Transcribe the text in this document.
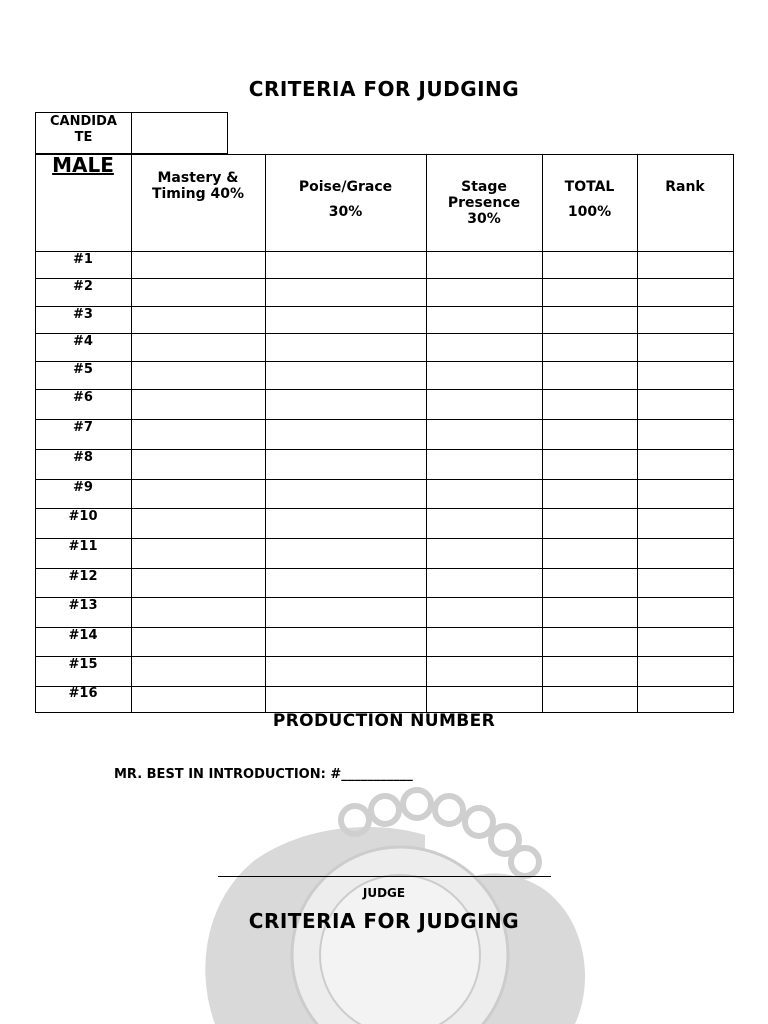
CRITERIA FOR JUDGING
CANDIDA
TE
MALE
Mastery &
Timing 40%	Poise/Grace
30%
Stage
Presence
30%
TOTAL
100%
Rank
#1
#2
#3
#4
#5
#6
#7
#8
#9
#10
#11
#12
#13
#14
#15
#16
PRODUCTION NUMBER
MR. BEST IN INTRODUCTION: #___________
JUDGE
CRITERIA FOR JUDGING
